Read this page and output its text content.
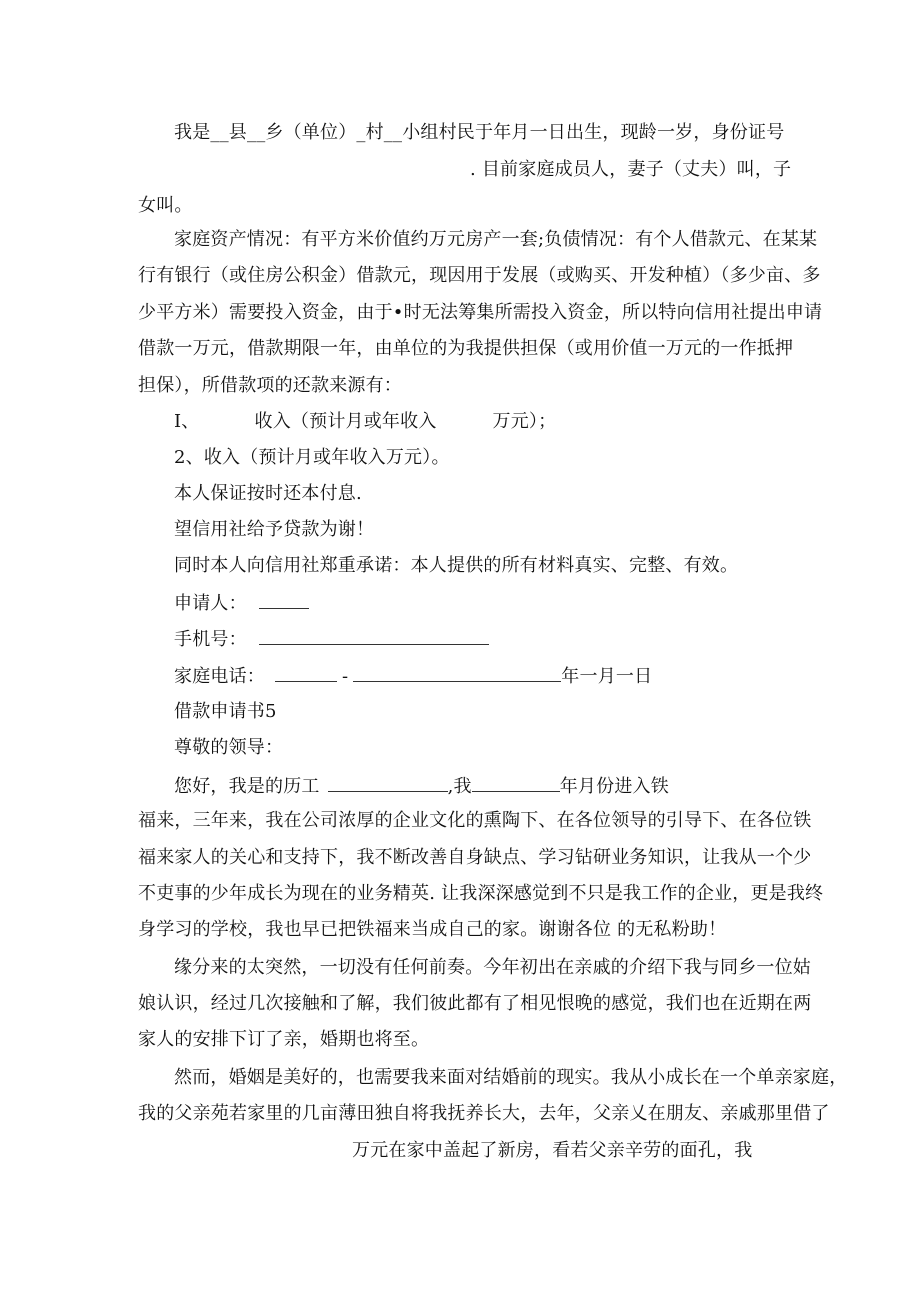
我是__县__乡（单位）_村__小组村民于年月一日出生，现龄一岁，身份证号
. 目前家庭成员人，妻子（丈夫）叫，子
女叫。
家庭资产情况：有平方米价值约万元房产一套;负债情况：有个人借款元、在某某
行有银行（或住房公积金）借款元，现因用于发展（或购买、开发种植）（多少亩、多
少平方米）需要投入资金，由于•时无法筹集所需投入资金，所以特向信用社提出申请
借款一万元，借款期限一年，由单位的为我提供担保（或用价值一万元的一作抵押
担保），所借款项的还款来源有：
I、	收入（预计月或年收入	万元）；
2、收入（预计月或年收入万元）。
本人保证按时还本付息.
望信用社给予贷款为谢！
同时本人向信用社郑重承诺：本人提供的所有材料真实、完整、有效。
申请人：
手机号：
家庭电话：	-	年一月一日
借款申请书5
尊敬的领导：
您好，我是的历工	,我	年月份进入铁
福来，三年来，我在公司浓厚的企业文化的熏陶下、在各位领导的引导下、在各位铁
福来家人的关心和支持下，我不断改善自身缺点、学习钻研业务知识，让我从一个少
不吏事的少年成长为现在的业务精英. 让我深深感觉到不只是我工作的企业，更是我终
身学习的学校，我也早已把铁福来当成自己的家。谢谢各位 的无私粉助！
缘分来的太突然，一切没有任何前奏。今年初出在亲戚的介绍下我与同乡一位姑
娘认识，经过几次接触和了解，我们彼此都有了相见恨晚的感觉，我们也在近期在两
家人的安排下订了亲，婚期也将至。
然而，婚姻是美好的，也需要我来面对结婚前的现实。我从小成长在一个单亲家庭，
我的父亲苑若家里的几亩薄田独自将我抚养长大，去年，父亲乂在朋友、亲戚那里借了
万元在家中盖起了新房，看若父亲辛劳的面孔，我
